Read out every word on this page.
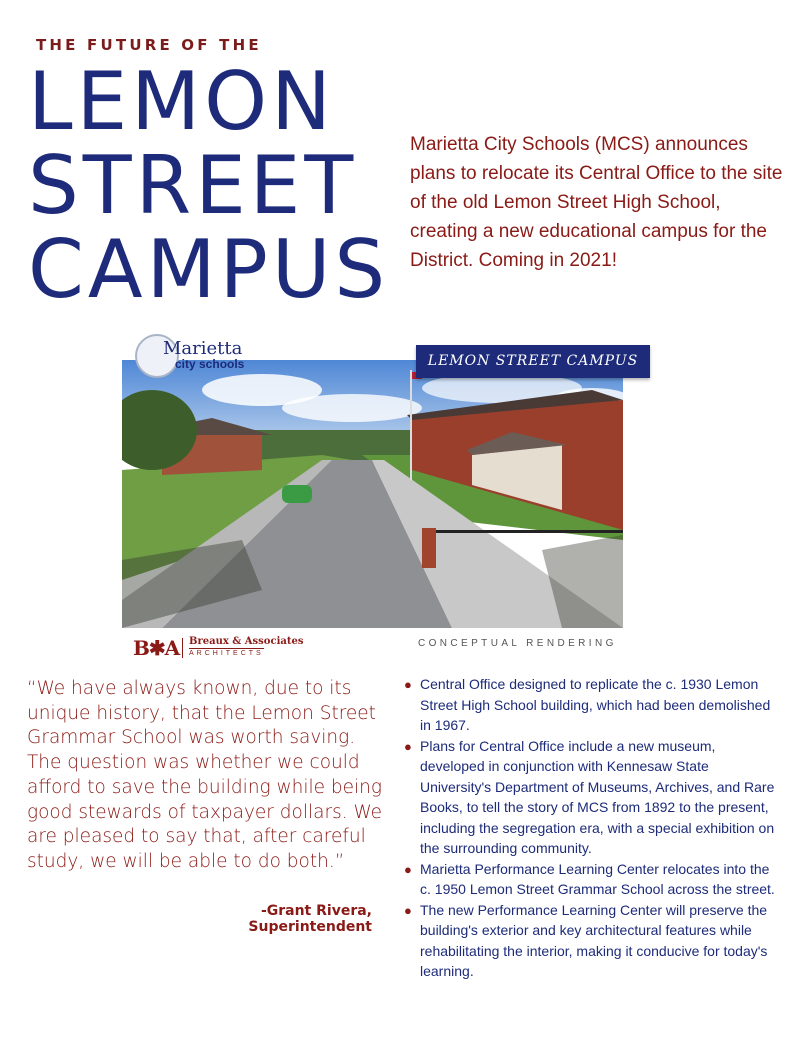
THE FUTURE OF THE
LEMON
STREET
CAMPUS
Marietta City Schools (MCS) announces plans to relocate its Central Office to the site of the old Lemon Street High School, creating a new educational campus for the District. Coming in 2021!
Marietta
city schools	LEMON STREET CAMPUS
B✱A Breaux & Associates
ARCHITECTS
CONCEPTUAL RENDERING
“We have always known, due to its unique history, that the Lemon Street Grammar School was worth saving. The question was whether we could afford to save the building while being good stewards of taxpayer dollars. We are pleased to say that, after careful study, we will be able to do both.”
-Grant Rivera, Superintendent
● Central Office designed to replicate the c. 1930 Lemon Street High School building, which had been demolished in 1967.
● Plans for Central Office include a new museum, developed in conjunction with Kennesaw State University's Department of Museums, Archives, and Rare Books, to tell the story of MCS from 1892 to the present, including the segregation era, with a special exhibition on the surrounding community.
● Marietta Performance Learning Center relocates into the c. 1950 Lemon Street Grammar School across the street.
● The new Performance Learning Center will preserve the building's exterior and key architectural features while rehabilitating the interior, making it conducive for today's learning.
